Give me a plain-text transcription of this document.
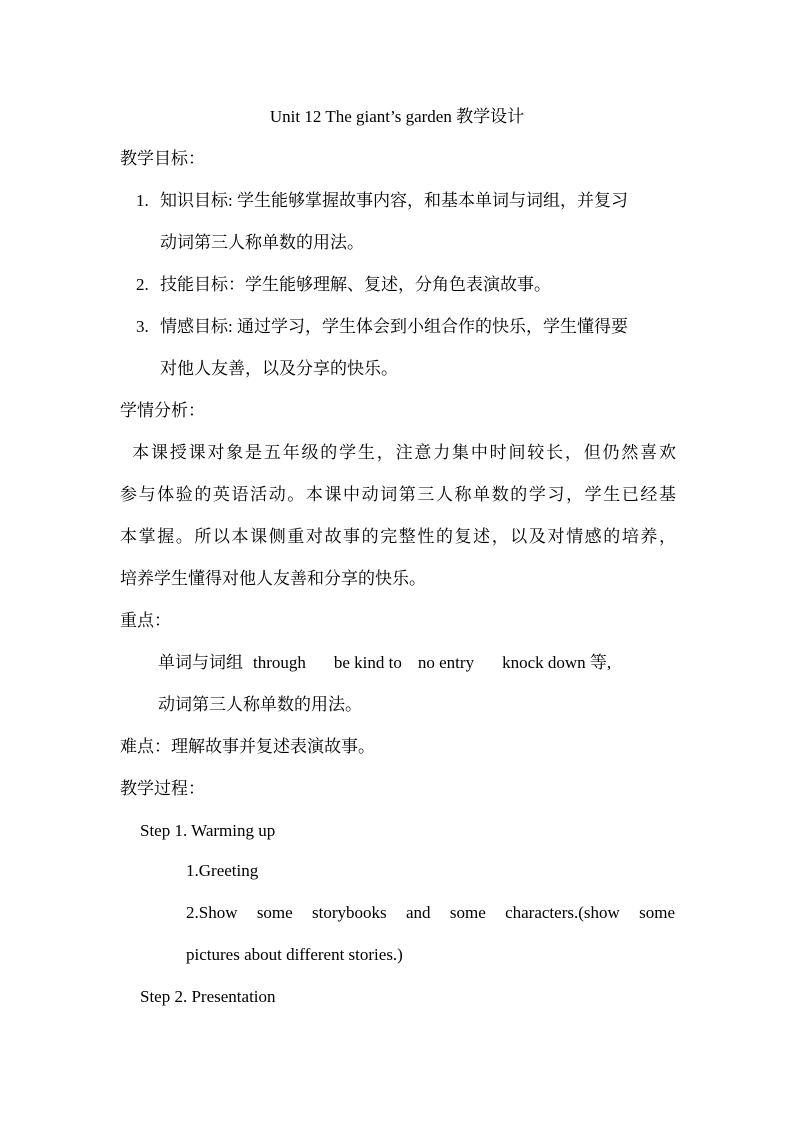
Unit 12 The giant’s garden 教学设计
教学目标：
1. 知识目标: 学生能够掌握故事内容，和基本单词与词组，并复习
动词第三人称单数的用法。
2. 技能目标：学生能够理解、复述，分角色表演故事。
3. 情感目标: 通过学习，学生体会到小组合作的快乐，学生懂得要
对他人友善，以及分享的快乐。
学情分析：
本课授课对象是五年级的学生，注意力集中时间较长，但仍然喜欢
参与体验的英语活动。本课中动词第三人称单数的学习，学生已经基
本掌握。所以本课侧重对故事的完整性的复述，以及对情感的培养，
培养学生懂得对他人友善和分享的快乐。
重点：
单词与词组 through be kind to no entry knock down 等,
动词第三人称单数的用法。
难点：理解故事并复述表演故事。
教学过程：
Step 1. Warming up
1.Greeting
2.Show   some   storybooks   and   some   characters.(show   some
pictures about different stories.)
Step 2. Presentation
